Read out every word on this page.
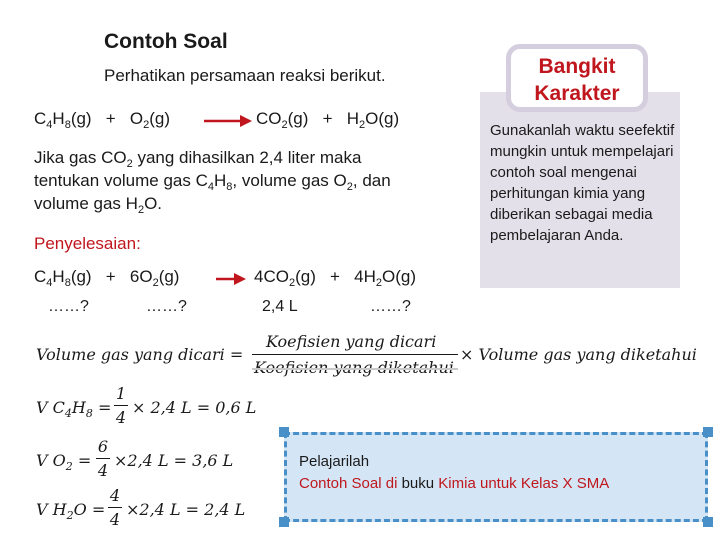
Contoh Soal
Perhatikan persamaan reaksi berikut.
$C_4H_8(g) + O_2(g) \to CO_2(g) + H_2O(g)$
Jika gas $CO_2$ yang dihasilkan 2,4 liter maka
tentukan volume gas $C_4H_8$, volume gas $O_2$, dan
volume gas $H_2O$.
Penyelesaian:
$C_4H_8(g) + 6O_2(g) \to 4CO_2(g) + 4H_2O(g)$
……?	……?	2,4 L	……?
Volume gas yang dicari =
Koefisien yang dicari
× Volume gas yang diketahui
V $C_4H_8$ =
1
4
× 2,4 L = 0,6 L
V $O_2$ =
6
4
×2,4 L = 3,6 L
V $H_2O$ =
4
4
×2,4 L = 2,4 L
Bangkit
Karakter
Gunakanlah waktu seefektif mungkin untuk mempelajari contoh soal mengenai perhitungan kimia yang diberikan sebagai media pembelajaran Anda.
Pelajarilah
Contoh Soal di buku Kimia untuk Kelas X SMA
